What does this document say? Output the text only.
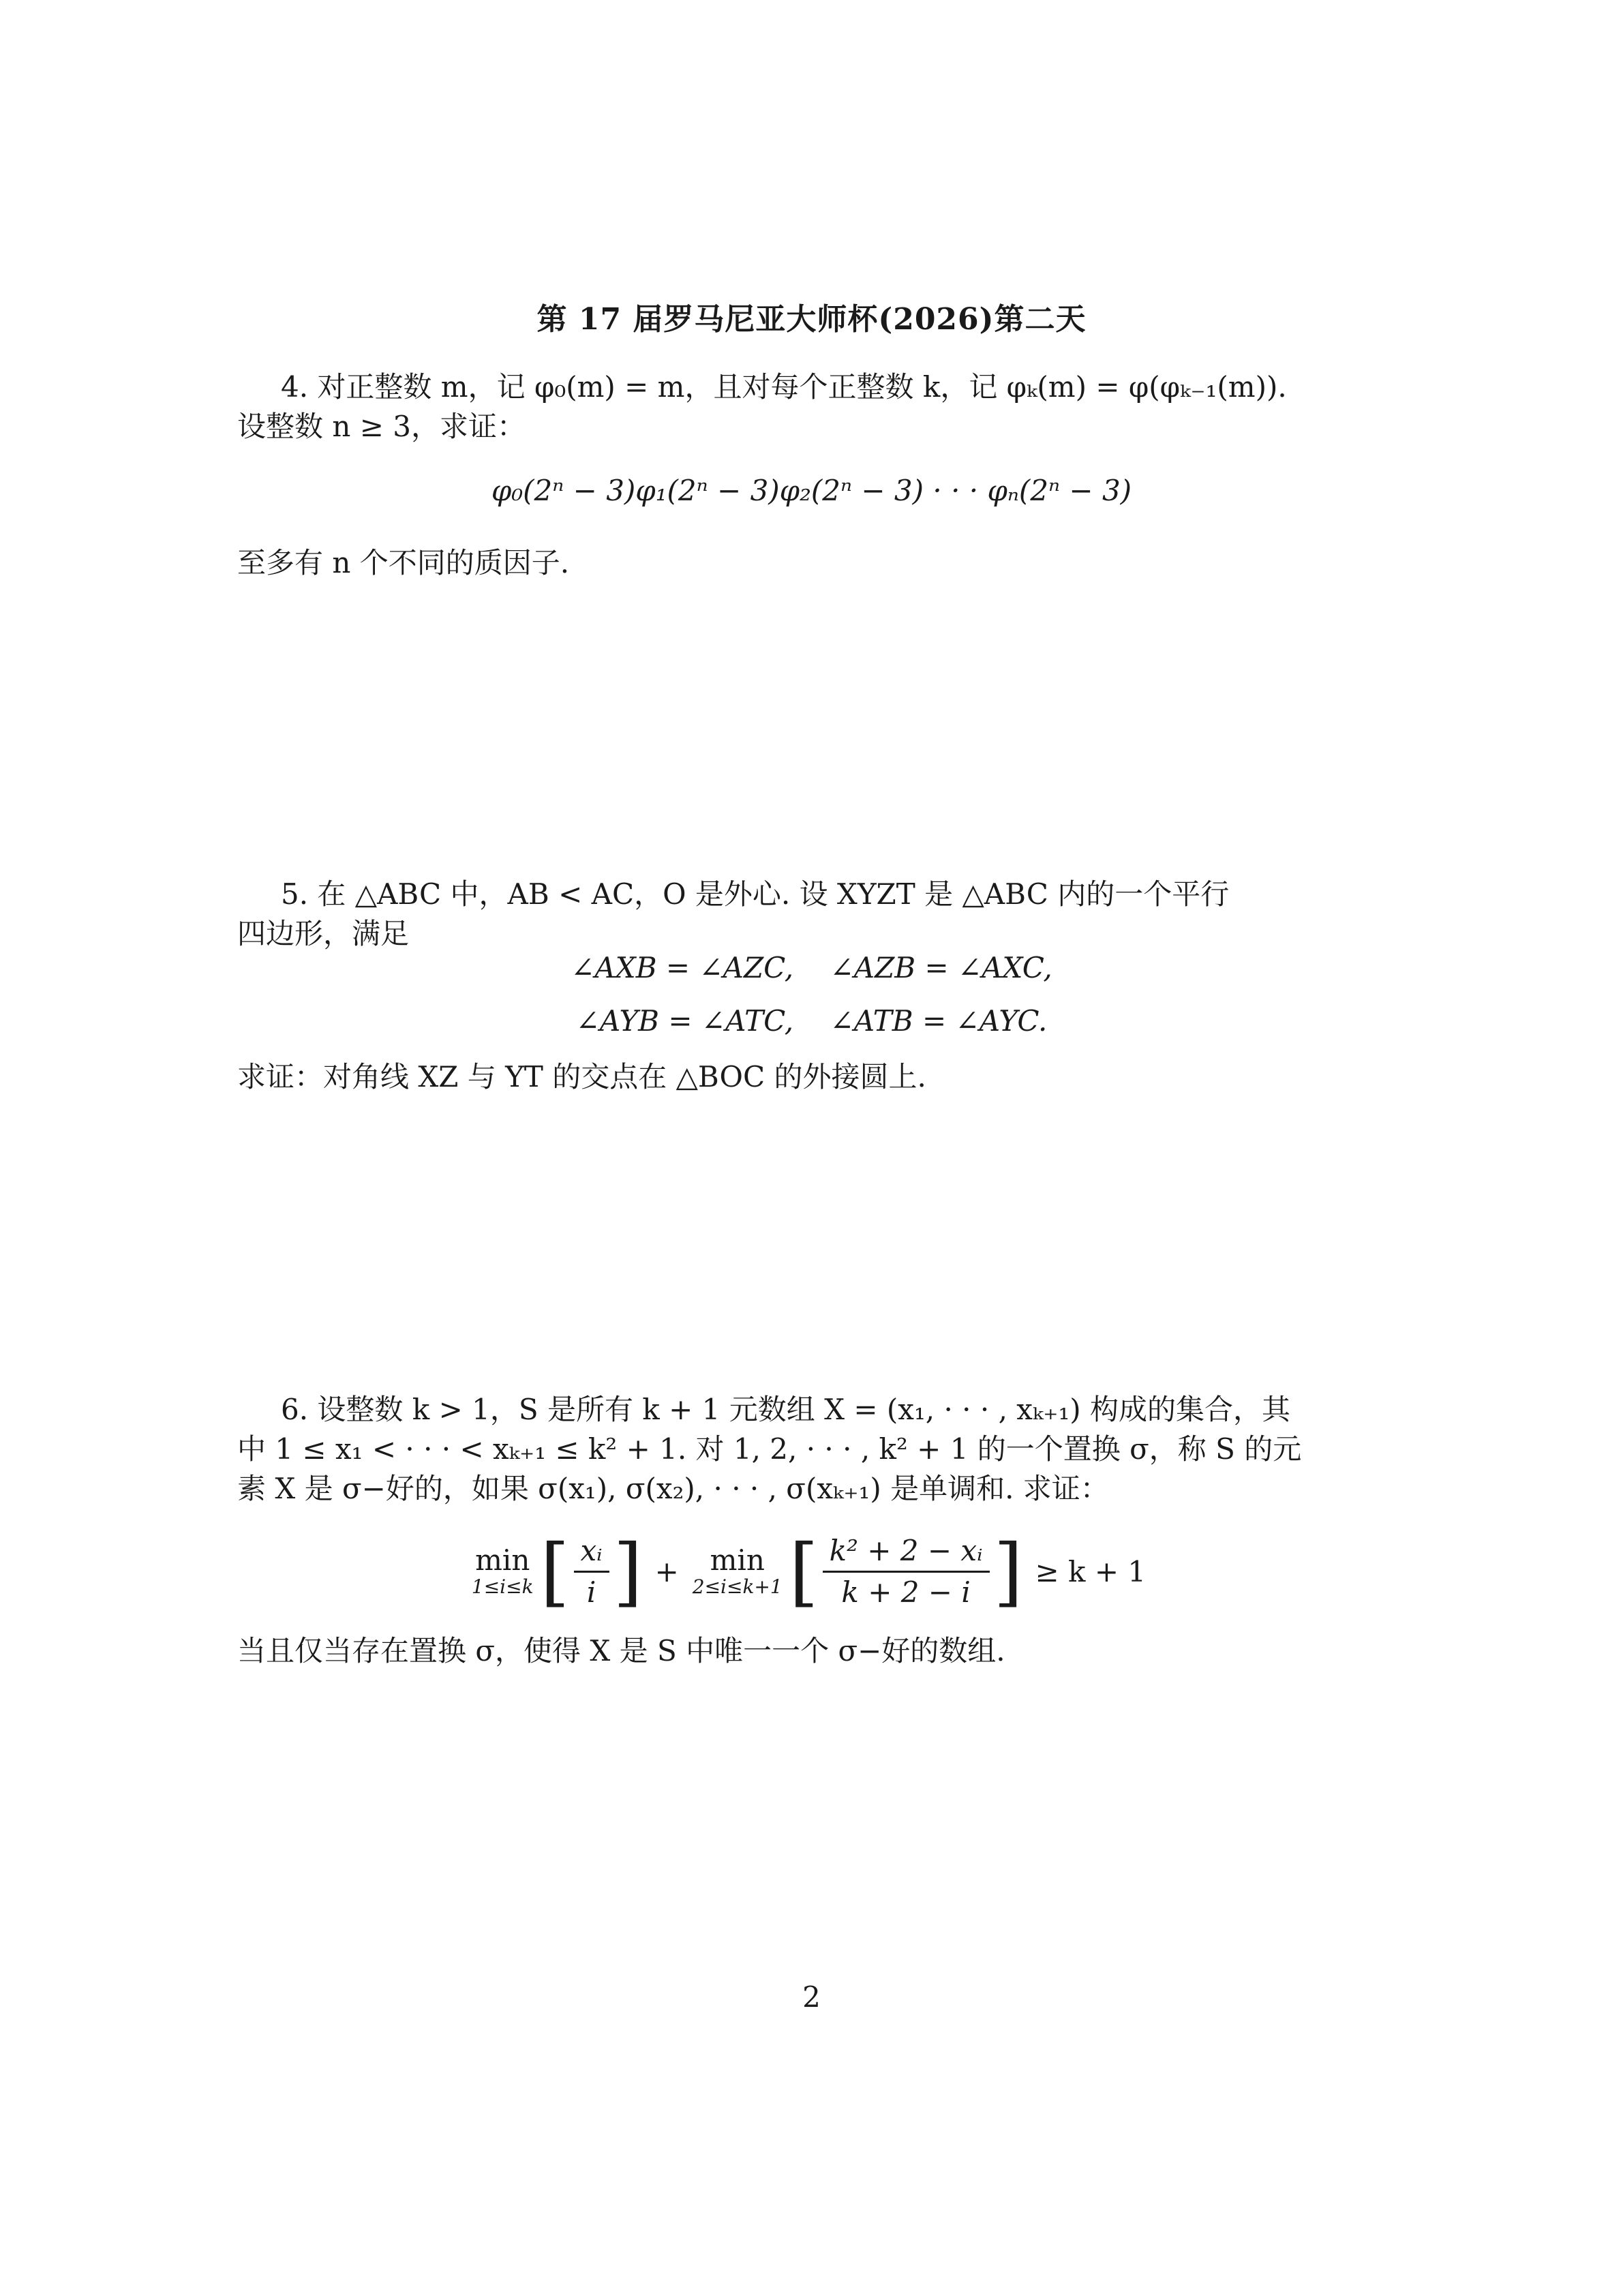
第 17 届罗马尼亚大师杯(2026)第二天
4. 对正整数 m，记 φ₀(m) = m，且对每个正整数 k，记 φₖ(m) = φ(φₖ₋₁(m)).
设整数 n ≥ 3，求证：
φ₀(2ⁿ − 3)φ₁(2ⁿ − 3)φ₂(2ⁿ − 3) · · · φₙ(2ⁿ − 3)
至多有 n 个不同的质因子.
5. 在 △ABC 中，AB < AC，O 是外心. 设 XYZT 是 △ABC 内的一个平行
四边形，满足
∠AXB = ∠AZC,    ∠AZB = ∠AXC,
∠AYB = ∠ATC,    ∠ATB = ∠AYC.
求证：对角线 XZ 与 YT 的交点在 △BOC 的外接圆上.
6. 设整数 k > 1，S 是所有 k + 1 元数组 X = (x₁, · · · , xₖ₊₁) 构成的集合，其
中 1 ≤ x₁ < · · · < xₖ₊₁ ≤ k² + 1. 对 1, 2, · · · , k² + 1 的一个置换 σ，称 S 的元
素 X 是 σ−好的，如果 σ(x₁), σ(x₂), · · · , σ(xₖ₊₁) 是单调和. 求证：
min
1≤i≤k [ $\frac{\text{xᵢ}}{i}$ ] + min
2≤i≤k+1 [ $\frac{\text{k² + 2 − xᵢ}}{k + 2 - i}$ ] ≥ k + 1
当且仅当存在置换 σ，使得 X 是 S 中唯一一个 σ−好的数组.
2
